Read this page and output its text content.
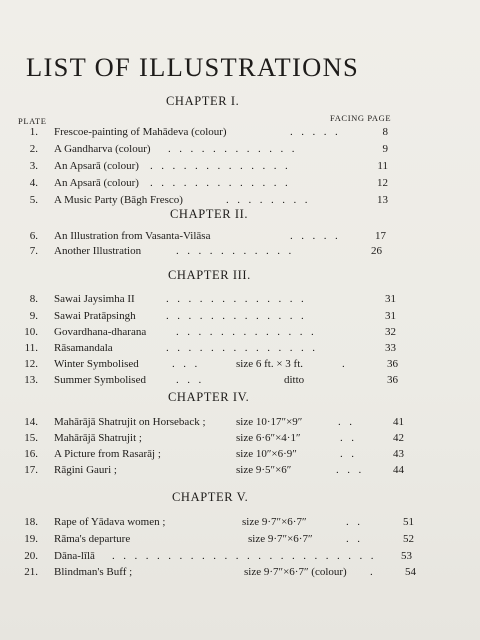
LIST OF ILLUSTRATIONS
CHAPTER I.
PLATE	FACING PAGE
1. Frescoe-painting of Mahādeva (colour)	.  .  .  .  .	8
2. A Gandharva (colour) .  .  .  .  .  .  .  .  .  .  .  .	9
3. An Apsarā (colour) .  .  .  .  .  .  .  .  .  .  .  .  .	11
4. An Apsarā (colour) .  .  .  .  .  .  .  .  .  .  .  .  .	12
5. A Music Party (Bāgh Fresco)	.  .  .  .  .  .  .  .	13
CHAPTER II.
6. An Illustration from Vasanta-Vilāsa	.  .  .  .  .	17
7. Another Illustration	.  .  .  .  .  .  .  .  .  .  .	26
CHAPTER III.
8. Sawai Jaysimha II	.  .  .  .  .  .  .  .  .  .  .  .  .	31
9. Sawai Pratāpsingh	.  .  .  .  .  .  .  .  .  .  .  .  .	31
10. Govardhana-dharana	.  .  .  .  .  .  .  .  .  .  .  .  .	32
11. Rāsamandala	.  .  .  .  .  .  .  .  .  .  .  .  .  .	33
12. Winter Symbolised	.  .  .	size 6 ft. × 3 ft.	.	36
13. Summer Symbolised	.  .  .	ditto	36
CHAPTER IV.
14. Mahārājā Shatrujit on Horseback ;	size 10·17″×9″	.  .	41
15. Mahārājā Shatrujit ;	size 6·6″×4·1″	.  .	42
16. A Picture from Rasarāj ;	size 10″×6·9″	.  .	43
17. Rāgini Gauri ;	size 9·5″×6″	.  .  .	44
CHAPTER V.
18. Rape of Yādava women ;	size 9·7″×6·7″	.  .	51
19. Rāma's departure	size 9·7″×6·7″	.  .	52
20. Dāna-līlā .  .  .  .  .  .  .  .  .  .  .  .  .  .  .  .  .  .  .  .  .  .  .  .	53
21. Blindman's Buff ;	size 9·7″×6·7″ (colour) .	54
